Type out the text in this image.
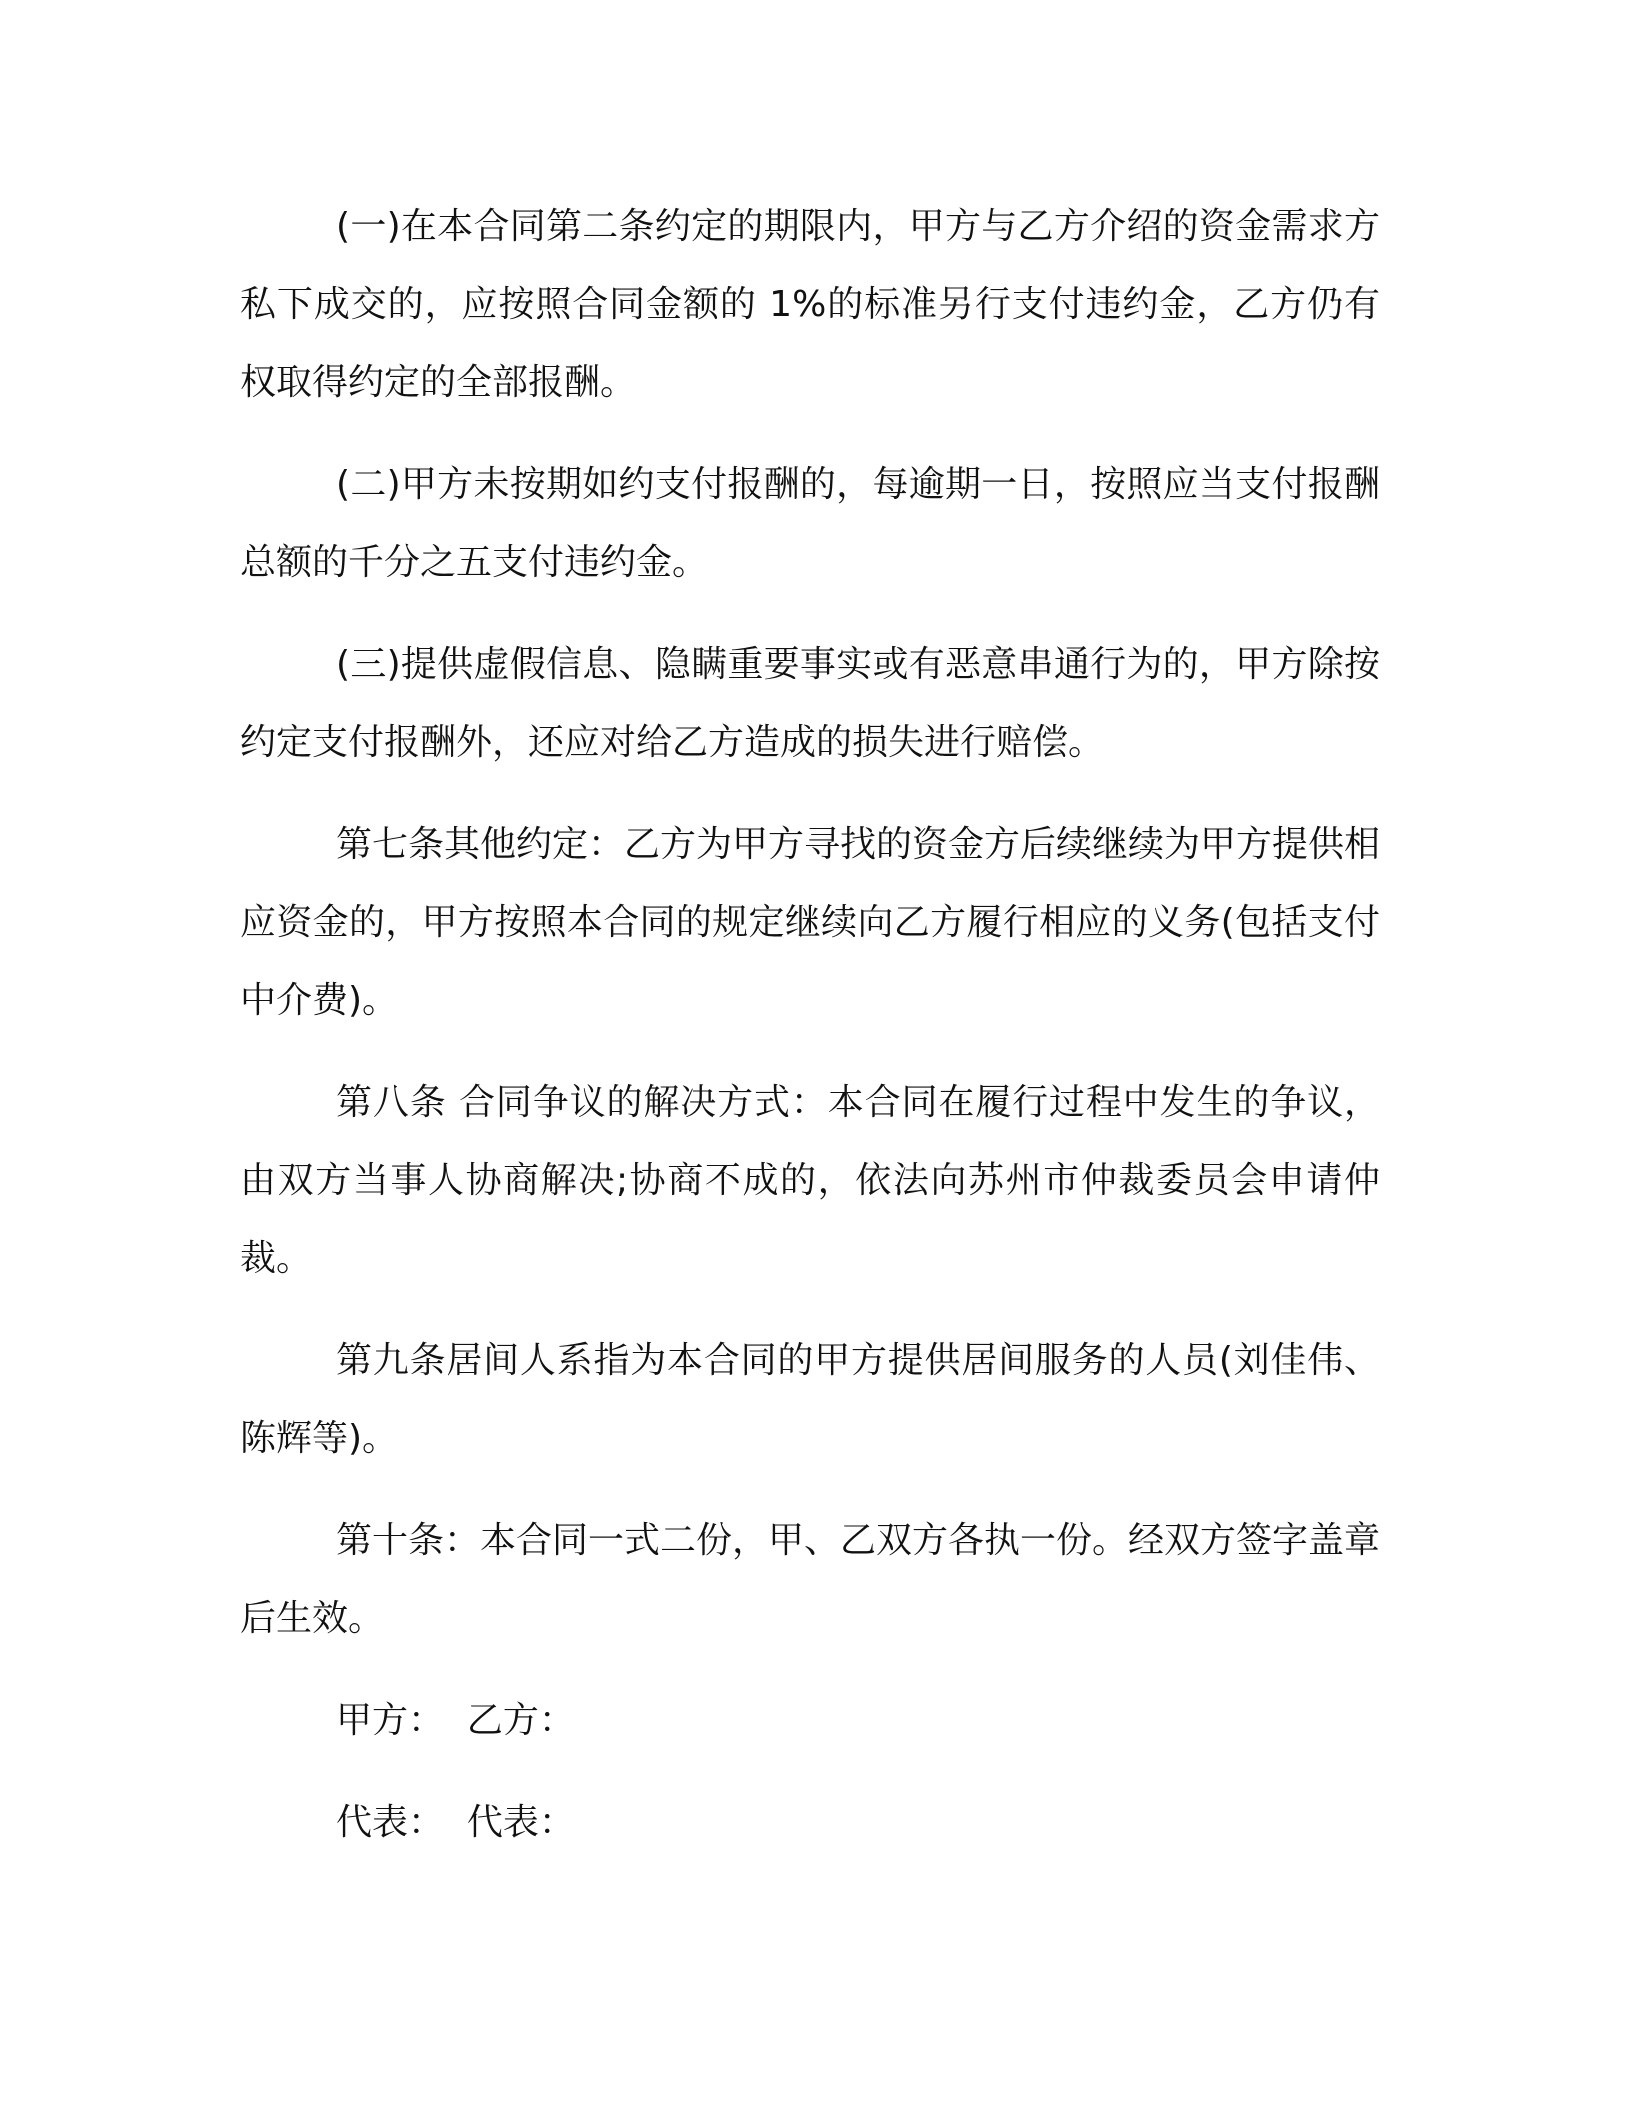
(一)在本合同第二条约定的期限内，甲方与乙方介绍的资金需求方私下成交的，应按照合同金额的 1%的标准另行支付违约金，乙方仍有权取得约定的全部报酬。

(二)甲方未按期如约支付报酬的，每逾期一日，按照应当支付报酬总额的千分之五支付违约金。

(三)提供虚假信息、隐瞒重要事实或有恶意串通行为的，甲方除按约定支付报酬外，还应对给乙方造成的损失进行赔偿。

第七条其他约定：乙方为甲方寻找的资金方后续继续为甲方提供相应资金的，甲方按照本合同的规定继续向乙方履行相应的义务(包括支付中介费)。

第八条 合同争议的解决方式：本合同在履行过程中发生的争议，由双方当事人协商解决;协商不成的，依法向苏州市仲裁委员会申请仲裁。

第九条居间人系指为本合同的甲方提供居间服务的人员(刘佳伟、陈辉等)。

第十条：本合同一式二份，甲、乙双方各执一份。经双方签字盖章后生效。

甲方：  乙方：

代表：  代表：
